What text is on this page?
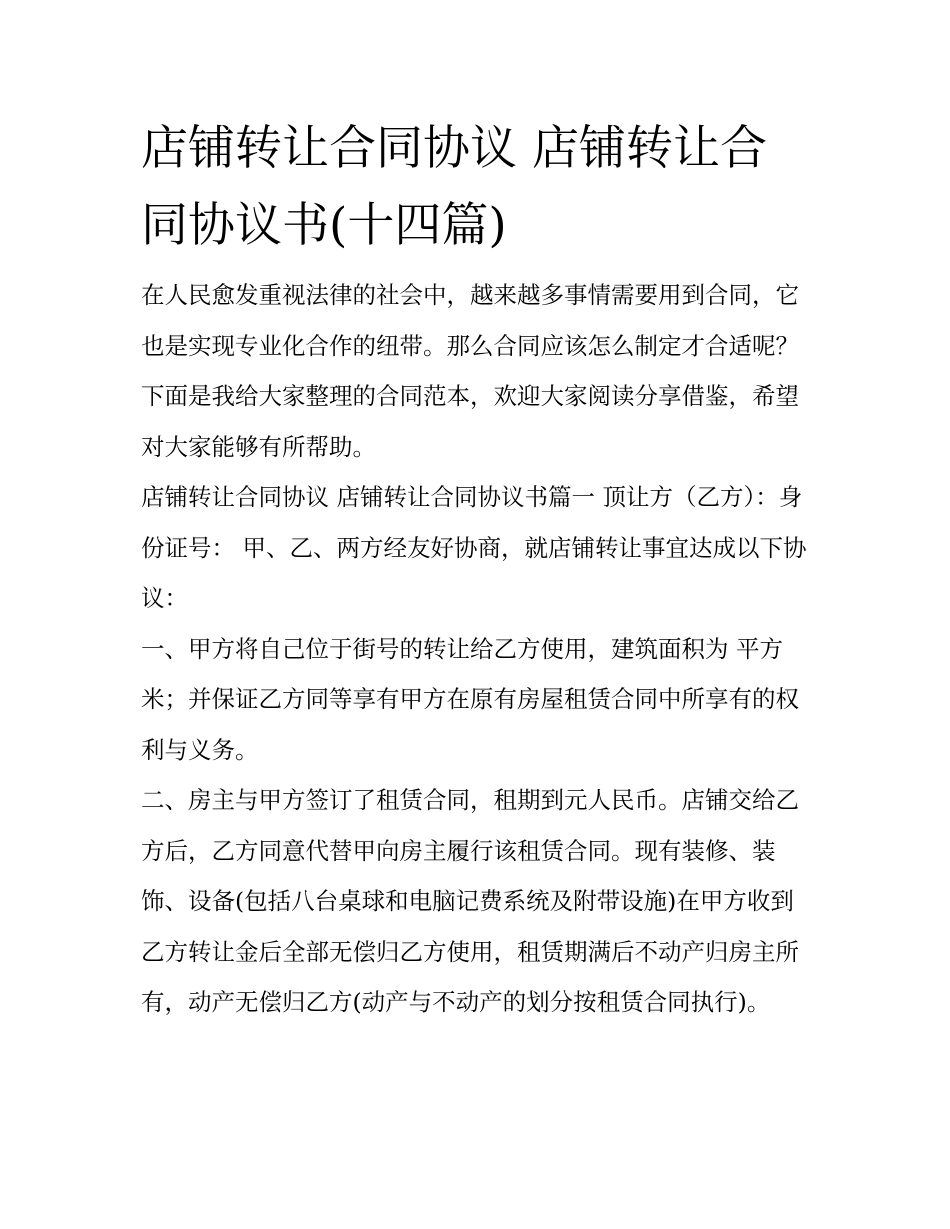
店铺转让合同协议 店铺转让合同协议书(十四篇)

在人民愈发重视法律的社会中，越来越多事情需要用到合同，它也是实现专业化合作的纽带。那么合同应该怎么制定才合适呢？下面是我给大家整理的合同范本，欢迎大家阅读分享借鉴，希望对大家能够有所帮助。

店铺转让合同协议 店铺转让合同协议书篇一 顶让方（乙方）：身份证号： 甲、乙、两方经友好协商，就店铺转让事宜达成以下协议：

一、甲方将自己位于街号的转让给乙方使用，建筑面积为 平方米；并保证乙方同等享有甲方在原有房屋租赁合同中所享有的权利与义务。

二、房主与甲方签订了租赁合同，租期到元人民币。店铺交给乙方后，乙方同意代替甲向房主履行该租赁合同。现有装修、装饰、设备(包括八台桌球和电脑记费系统及附带设施)在甲方收到乙方转让金后全部无偿归乙方使用，租赁期满后不动产归房主所有，动产无偿归乙方(动产与不动产的划分按租赁合同执行)。
